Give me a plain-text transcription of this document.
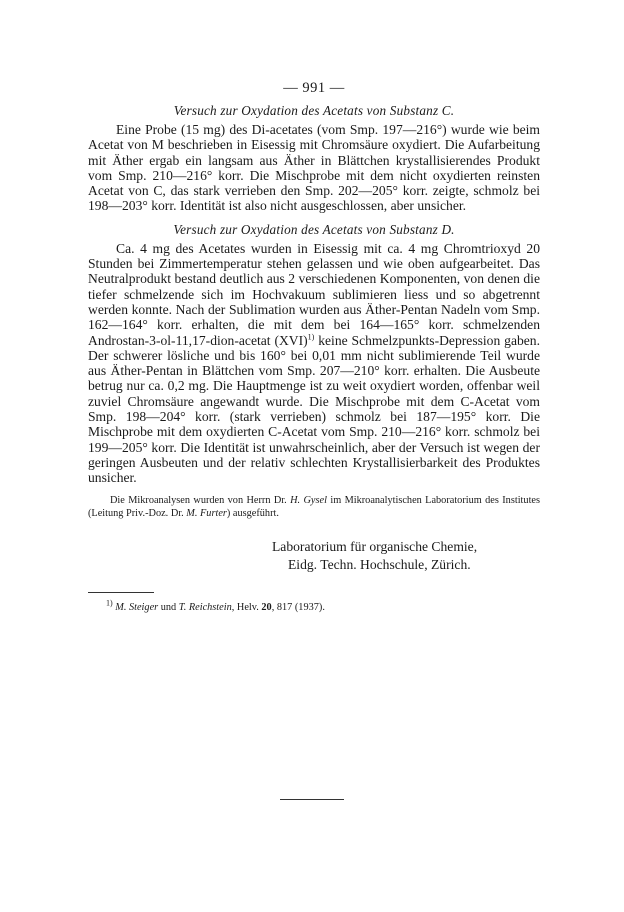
— 991 —

Versuch zur Oxydation des Acetats von Substanz C.

Eine Probe (15 mg) des Di-acetates (vom Smp. 197—216°) wurde wie beim Acetat von M beschrieben in Eisessig mit Chromsäure oxydiert. Die Aufarbeitung mit Äther ergab ein langsam aus Äther in Blättchen krystallisierendes Produkt vom Smp. 210—216° korr. Die Mischprobe mit dem nicht oxydierten reinsten Acetat von C, das stark verrieben den Smp. 202—205° korr. zeigte, schmolz bei 198—203° korr. Identität ist also nicht ausgeschlossen, aber unsicher.

Versuch zur Oxydation des Acetats von Substanz D.

Ca. 4 mg des Acetates wurden in Eisessig mit ca. 4 mg Chromtrioxyd 20 Stunden bei Zimmertemperatur stehen gelassen und wie oben aufgearbeitet. Das Neutralprodukt bestand deutlich aus 2 verschiedenen Komponenten, von denen die tiefer schmelzende sich im Hochvakuum sublimieren liess und so abgetrennt werden konnte. Nach der Sublimation wurden aus Äther-Pentan Nadeln vom Smp. 162—164° korr. erhalten, die mit dem bei 164—165° korr. schmelzenden Androstan-3-ol-11,17-dion-acetat (XVI)$^{1)}$ keine Schmelzpunkts-Depression gaben. Der schwerer lösliche und bis 160° bei 0,01 mm nicht sublimierende Teil wurde aus Äther-Pentan in Blättchen vom Smp. 207—210° korr. erhalten. Die Ausbeute betrug nur ca. 0,2 mg. Die Hauptmenge ist zu weit oxydiert worden, offenbar weil zuviel Chromsäure angewandt wurde. Die Mischprobe mit dem C-Acetat vom Smp. 198—204° korr. (stark verrieben) schmolz bei 187—195° korr. Die Mischprobe mit dem oxydierten C-Acetat vom Smp. 210—216° korr. schmolz bei 199—205° korr. Die Identität ist unwahrscheinlich, aber der Versuch ist wegen der geringen Ausbeuten und der relativ schlechten Krystallisierbarkeit des Produktes unsicher.

Die Mikroanalysen wurden von Herrn Dr. H. Gysel im Mikroanalytischen Laboratorium des Institutes (Leitung Priv.-Doz. Dr. M. Furter) ausgeführt.

Laboratorium für organische Chemie,
Eidg. Techn. Hochschule, Zürich.

$^{1)}$ M. Steiger und T. Reichstein, Helv. 20, 817 (1937).
